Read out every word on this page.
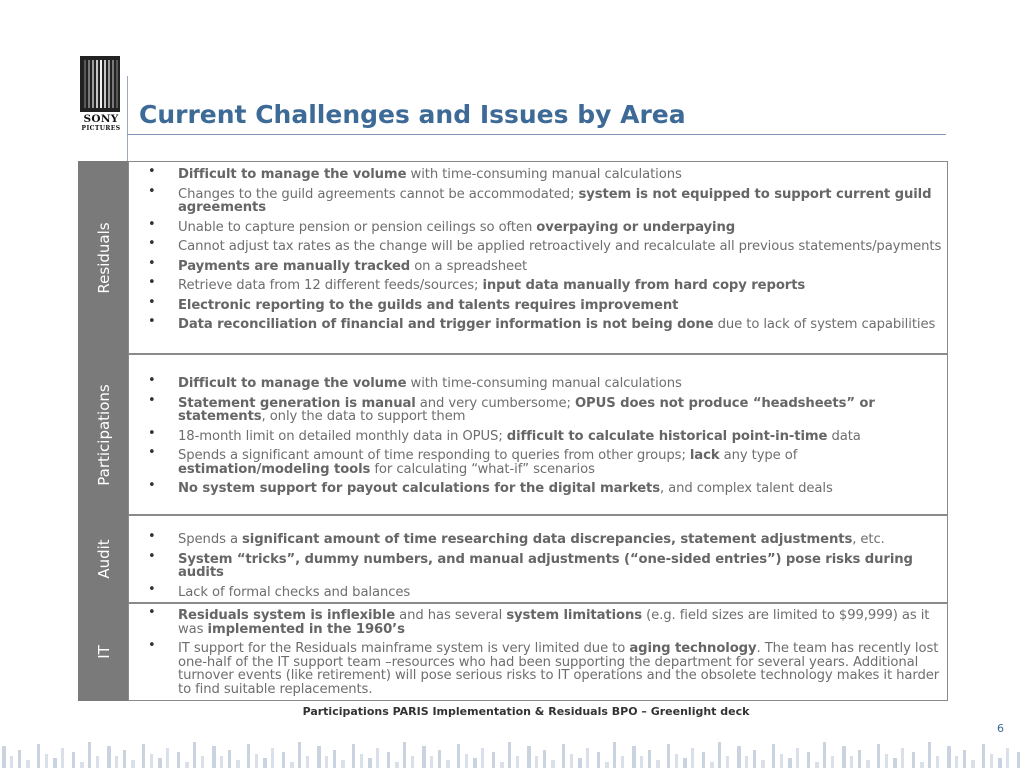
SONY
PICTURES Current Challenges and Issues by Area
Residuals
• Difficult to manage the volume with time-consuming manual calculations
• Changes to the guild agreements cannot be accommodated; system is not equipped to support current guild agreements
• Unable to capture pension or pension ceilings so often overpaying or underpaying
• Cannot adjust tax rates as the change will be applied retroactively and recalculate all previous statements/payments
• Payments are manually tracked on a spreadsheet
• Retrieve data from 12 different feeds/sources; input data manually from hard copy reports
• Electronic reporting to the guilds and talents requires improvement
• Data reconciliation of financial and trigger information is not being done due to lack of system capabilities
Participations
• Difficult to manage the volume with time-consuming manual calculations
• Statement generation is manual and very cumbersome; OPUS does not produce “headsheets” or statements, only the data to support them
• 18-month limit on detailed monthly data in OPUS; difficult to calculate historical point-in-time data
• Spends a significant amount of time responding to queries from other groups; lack any type of estimation/modeling tools for calculating “what-if” scenarios
• No system support for payout calculations for the digital markets, and complex talent deals
Audit
•	Spends a significant amount of time researching data discrepancies, statement adjustments, etc.
• System “tricks”, dummy numbers, and manual adjustments (“one-sided entries”) pose risks during audits
• Lack of formal checks and balances
IT
• Residuals system is inflexible and has several system limitations (e.g. field sizes are limited to $99,999) as it was implemented in the 1960’s
• IT support for the Residuals mainframe system is very limited due to aging technology. The team has recently lost one-half of the IT support team –resources who had been supporting the department for several years. Additional turnover events (like retirement) will pose serious risks to IT operations and the obsolete technology makes it harder to find suitable replacements.
Participations PARIS Implementation & Residuals BPO – Greenlight deck
6
